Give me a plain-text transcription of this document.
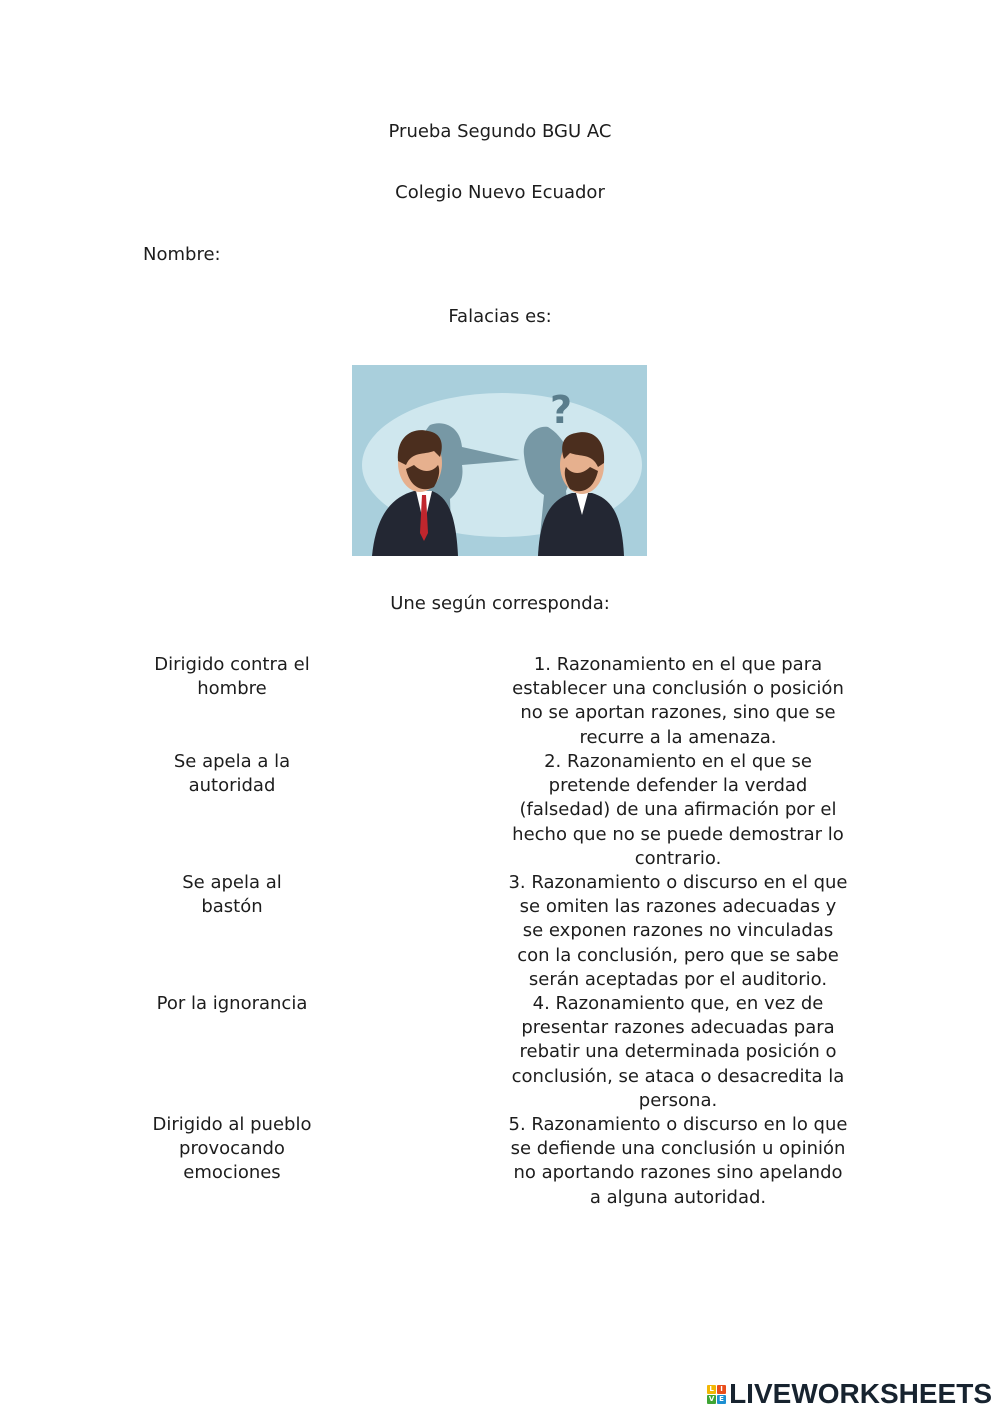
Prueba Segundo BGU AC
Colegio Nuevo Ecuador
Nombre:
Falacias es:
?
Une según corresponda:
Dirigido contra el
hombre
Se apela a la
autoridad
Se apela al
bastón
Por la ignorancia
Dirigido al pueblo
provocando
emociones
1. Razonamiento en el que para
establecer una conclusión o posición
no se aportan razones, sino que se
recurre a la amenaza.
2. Razonamiento en el que se
pretende defender la verdad
(falsedad) de una afirmación por el
hecho que no se puede demostrar lo
contrario.
3. Razonamiento o discurso en el que
se omiten las razones adecuadas y
se exponen razones no vinculadas
con la conclusión, pero que se sabe
serán aceptadas por el auditorio.
4. Razonamiento que, en vez de
presentar razones adecuadas para
rebatir una determinada posición o
conclusión, se ataca o desacredita la
persona.
5. Razonamiento o discurso en lo que
se defiende una conclusión u opinión
no aportando razones sino apelando
a alguna autoridad.
L I
V E LIVEWORKSHEETS
